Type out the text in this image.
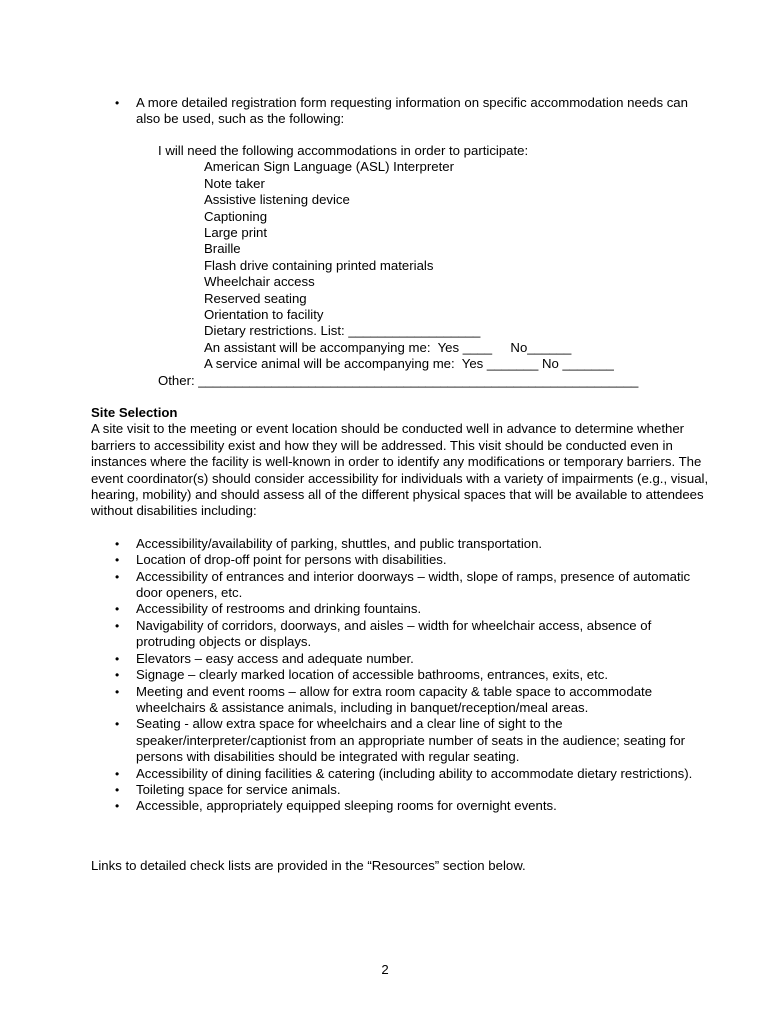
• A more detailed registration form requesting information on specific accommodation needs can also be used, such as the following:
I will need the following accommodations in order to participate:
American Sign Language (ASL) Interpreter
Note taker
Assistive listening device
Captioning
Large print
Braille
Flash drive containing printed materials
Wheelchair access
Reserved seating
Orientation to facility
Dietary restrictions. List: __________________
An assistant will be accompanying me:  Yes ____     No______
A service animal will be accompanying me:  Yes _______ No _______
Other: ____________________________________________________________
Site Selection

A site visit to the meeting or event location should be conducted well in advance to determine whether barriers to accessibility exist and how they will be addressed. This visit should be conducted even in instances where the facility is well-known in order to identify any modifications or temporary barriers. The event coordinator(s) should consider accessibility for individuals with a variety of impairments (e.g., visual, hearing, mobility) and should assess all of the different physical spaces that will be available to attendees without disabilities including:

• Accessibility/availability of parking, shuttles, and public transportation.
• Location of drop-off point for persons with disabilities.
• Accessibility of entrances and interior doorways – width, slope of ramps, presence of automatic door openers, etc.
• Accessibility of restrooms and drinking fountains.
• Navigability of corridors, doorways, and aisles – width for wheelchair access, absence of protruding objects or displays.
• Elevators – easy access and adequate number.
• Signage – clearly marked location of accessible bathrooms, entrances, exits, etc.
• Meeting and event rooms – allow for extra room capacity & table space to accommodate wheelchairs & assistance animals, including in banquet/reception/meal areas.
• Seating - allow extra space for wheelchairs and a clear line of sight to the speaker/interpreter/captionist from an appropriate number of seats in the audience; seating for persons with disabilities should be integrated with regular seating.
• Accessibility of dining facilities & catering (including ability to accommodate dietary restrictions).
• Toileting space for service animals.
• Accessible, appropriately equipped sleeping rooms for overnight events.
Links to detailed check lists are provided in the “Resources” section below.
2
